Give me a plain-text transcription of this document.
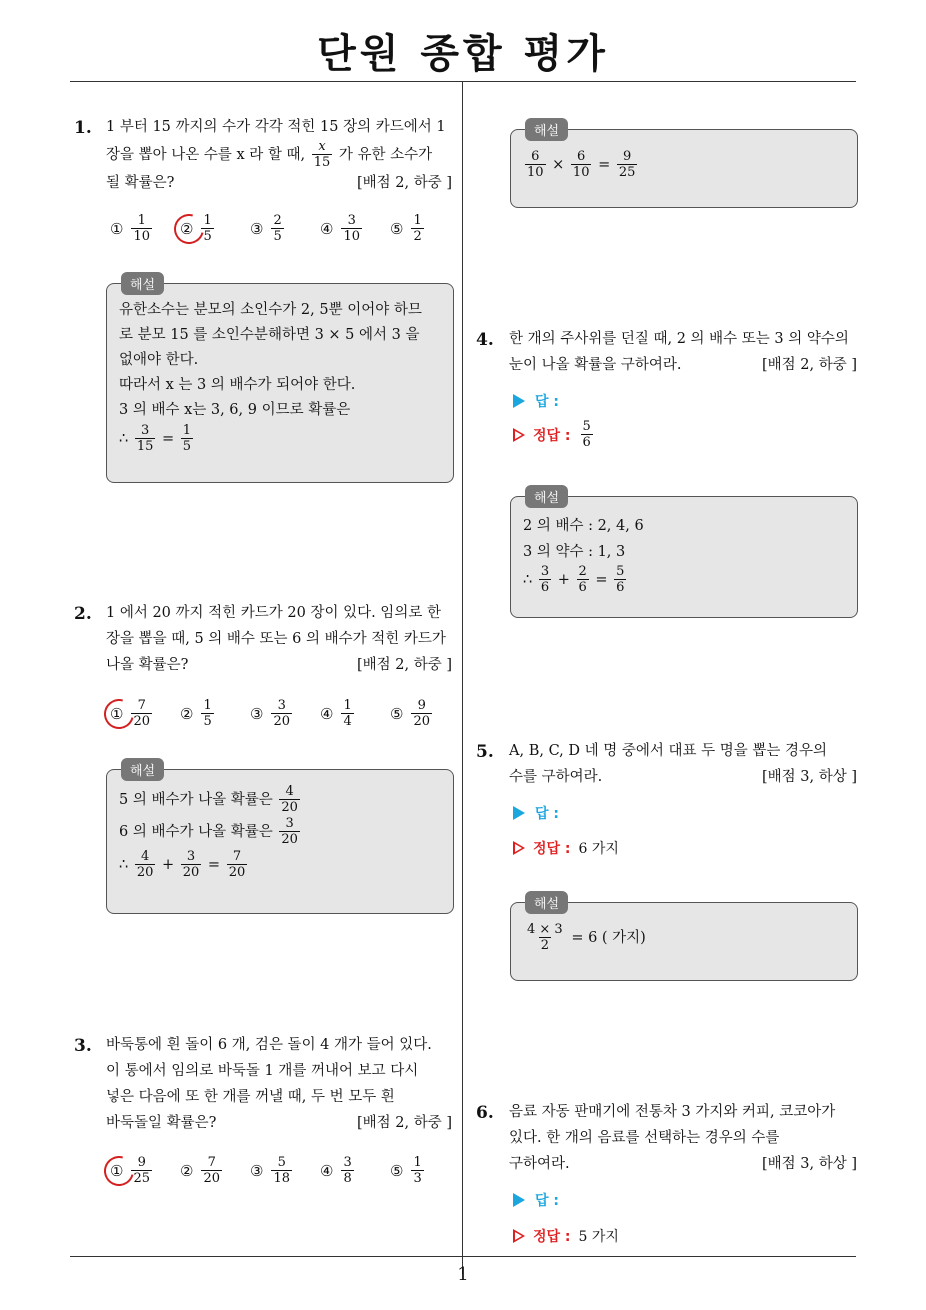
단원 종합 평가
1
1. 1 부터 15 까지의 수가 각각 적힌 15 장의 카드에서 1

장을 뽑아 나온 수를 x 라 할 때, $\frac{x}{15}$ 가 유한 소수가

될 확률은?	[배점 2, 하중 ]

① $\frac{1}{10}$ ② $\frac{1}{5}$ ③ $\frac{2}{5}$ ④ $\frac{3}{10}$ ⑤ $\frac{1}{2}$
해설

유한소수는 분모의 소인수가 2, 5뿐 이어야 하므

로 분모 15 를 소인수분해하면 3 × 5 에서 3 을

없애야 한다.

따라서 x 는 3 의 배수가 되어야 한다.

3 의 배수 x는 3, 6, 9 이므로 확률은

∴ $\frac{3}{15} = \frac{1}{5}$

2. 1 에서 20 까지 적힌 카드가 20 장이 있다. 임의로 한

장을 뽑을 때, 5 의 배수 또는 6 의 배수가 적힌 카드가

나올 확률은?	[배점 2, 하중 ]

① $\frac{7}{20}$ ② $\frac{1}{5}$ ③ $\frac{3}{20}$ ④ $\frac{1}{4}$ ⑤ $\frac{9}{20}$
해설

5 의 배수가 나올 확률은 $\frac{4}{20}$

6 의 배수가 나올 확률은 $\frac{3}{20}$

∴ $\frac{4}{20} + \frac{3}{20} = \frac{7}{20}$

3. 바둑통에 흰 돌이 6 개, 검은 돌이 4 개가 들어 있다.

이 통에서 임의로 바둑돌 1 개를 꺼내어 보고 다시

넣은 다음에 또 한 개를 꺼낼 때, 두 번 모두 흰

바둑돌일 확률은?	[배점 2, 하중 ]

① $\frac{9}{25}$ ② $\frac{7}{20}$ ③ $\frac{5}{18}$ ④ $\frac{3}{8}$ ⑤ $\frac{1}{3}$
해설

$\frac{6}{10} \times \frac{6}{10} = \frac{9}{25}$

4. 한 개의 주사위를 던질 때, 2 의 배수 또는 3 의 약수의

눈이 나올 확률을 구하여라.	[배점 2, 하중 ]

답 :
정답 : $\frac{5}{6}$
해설

2 의 배수 : 2, 4, 6

3 의 약수 : 1, 3

∴ $\frac{3}{6} + \frac{2}{6} = \frac{5}{6}$

5. A, B, C, D 네 명 중에서 대표 두 명을 뽑는 경우의

수를 구하여라.	[배점 3, 하상 ]

답 :
정답 : 6 가지
해설

$\frac{4 \times 3}{2} = 6$ ( 가지)

6. 음료 자동 판매기에 전통차 3 가지와 커피, 코코아가

있다. 한 개의 음료를 선택하는 경우의 수를

구하여라.	[배점 3, 하상 ]

답 :
정답 : 5 가지
